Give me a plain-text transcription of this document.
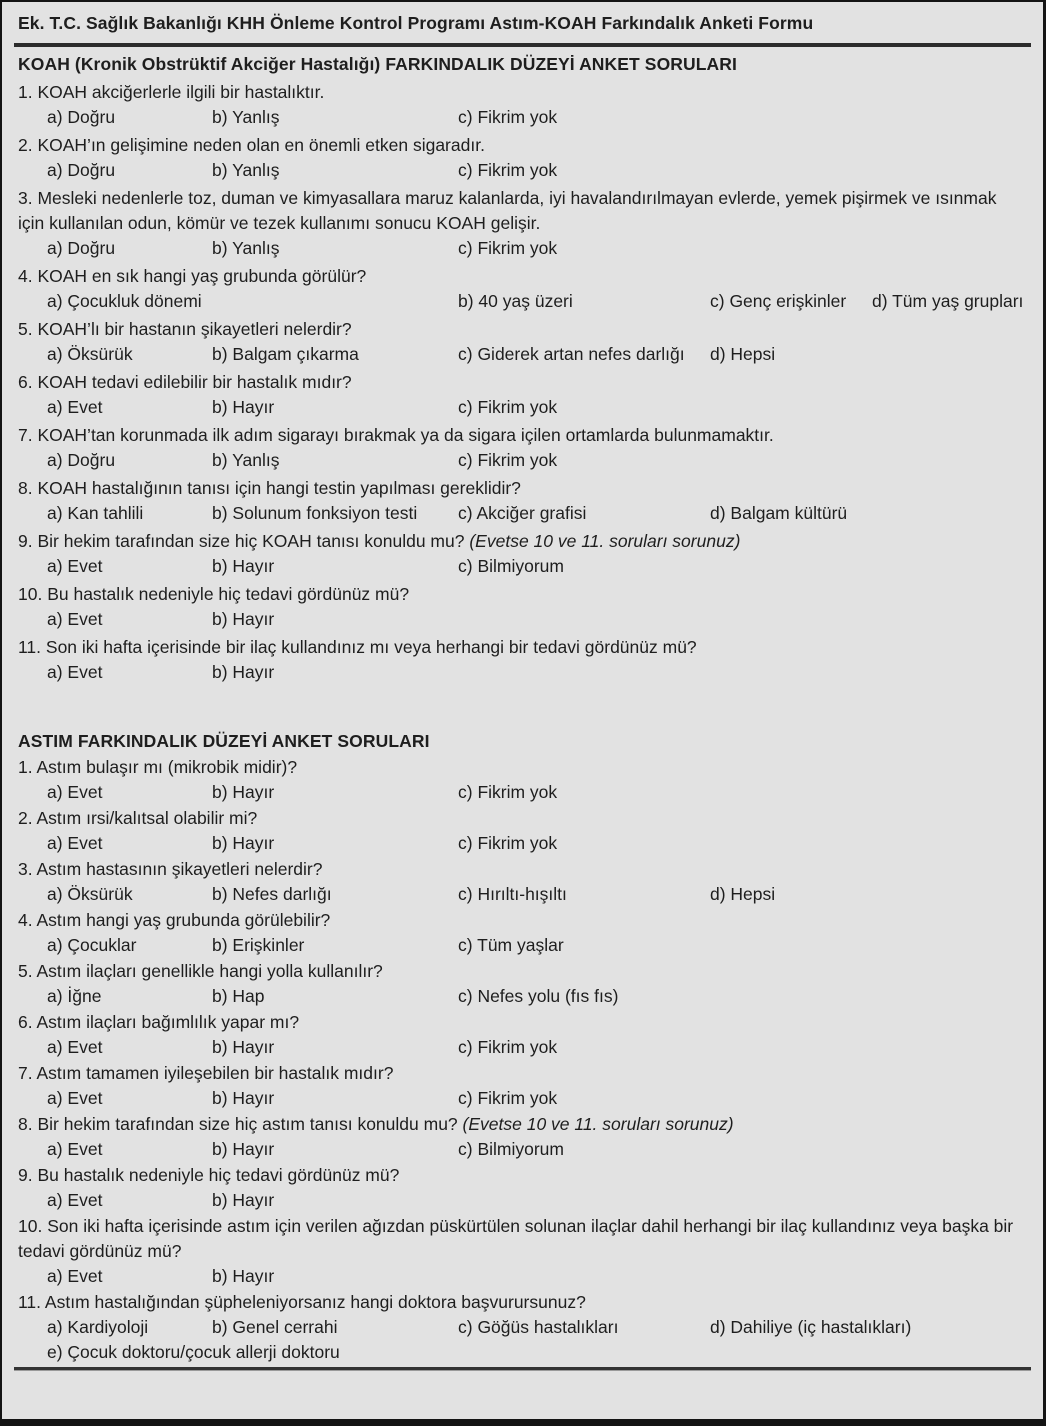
Ek. T.C. Sağlık Bakanlığı KHH Önleme Kontrol Programı Astım-KOAH Farkındalık Anketi Formu
KOAH (Kronik Obstrüktif Akciğer Hastalığı) FARKINDALIK DÜZEYİ ANKET SORULARI
1. KOAH akciğerlerle ilgili bir hastalıktır.
a) Doğru	b) Yanlış	c) Fikrim yok
2. KOAH’ın gelişimine neden olan en önemli etken sigaradır.
a) Doğru	b) Yanlış	c) Fikrim yok
3. Mesleki nedenlerle toz, duman ve kimyasallara maruz kalanlarda, iyi havalandırılmayan evlerde, yemek pişirmek ve ısınmak için kullanılan odun, kömür ve tezek kullanımı sonucu KOAH gelişir.
a) Doğru	b) Yanlış	c) Fikrim yok
4. KOAH en sık hangi yaş grubunda görülür?
a) Çocukluk dönemi	b) 40 yaş üzeri	c) Genç erişkinler d) Tüm yaş grupları
5. KOAH’lı bir hastanın şikayetleri nelerdir?
a) Öksürük	b) Balgam çıkarma	c) Giderek artan nefes darlığı d) Hepsi
6. KOAH tedavi edilebilir bir hastalık mıdır?
a) Evet	b) Hayır	c) Fikrim yok
7. KOAH’tan korunmada ilk adım sigarayı bırakmak ya da sigara içilen ortamlarda bulunmamaktır.
a) Doğru	b) Yanlış	c) Fikrim yok
8. KOAH hastalığının tanısı için hangi testin yapılması gereklidir?
a) Kan tahlili	b) Solunum fonksiyon testi c) Akciğer grafisi	d) Balgam kültürü
9. Bir hekim tarafından size hiç KOAH tanısı konuldu mu? (Evetse 10 ve 11. soruları sorunuz)
a) Evet	b) Hayır	c) Bilmiyorum
10. Bu hastalık nedeniyle hiç tedavi gördünüz mü?
a) Evet	b) Hayır
11. Son iki hafta içerisinde bir ilaç kullandınız mı veya herhangi bir tedavi gördünüz mü?
a) Evet	b) Hayır
ASTIM FARKINDALIK DÜZEYİ ANKET SORULARI
1. Astım bulaşır mı (mikrobik midir)?
a) Evet	b) Hayır	c) Fikrim yok
2. Astım ırsi/kalıtsal olabilir mi?
a) Evet	b) Hayır	c) Fikrim yok
3. Astım hastasının şikayetleri nelerdir?
a) Öksürük	b) Nefes darlığı	c) Hırıltı-hışıltı	d) Hepsi
4. Astım hangi yaş grubunda görülebilir?
a) Çocuklar	b) Erişkinler	c) Tüm yaşlar
5. Astım ilaçları genellikle hangi yolla kullanılır?
a) İğne	b) Hap	c) Nefes yolu (fıs fıs)
6. Astım ilaçları bağımlılık yapar mı?
a) Evet	b) Hayır	c) Fikrim yok
7. Astım tamamen iyileşebilen bir hastalık mıdır?
a) Evet	b) Hayır	c) Fikrim yok
8. Bir hekim tarafından size hiç astım tanısı konuldu mu? (Evetse 10 ve 11. soruları sorunuz)
a) Evet	b) Hayır	c) Bilmiyorum
9. Bu hastalık nedeniyle hiç tedavi gördünüz mü?
a) Evet	b) Hayır
10. Son iki hafta içerisinde astım için verilen ağızdan püskürtülen solunan ilaçlar dahil herhangi bir ilaç kullandınız veya başka bir tedavi gördünüz mü?
a) Evet	b) Hayır
11. Astım hastalığından şüpheleniyorsanız hangi doktora başvurursunuz?
a) Kardiyoloji	b) Genel cerrahi	c) Göğüs hastalıkları	d) Dahiliye (iç hastalıkları)
e) Çocuk doktoru/çocuk allerji doktoru
